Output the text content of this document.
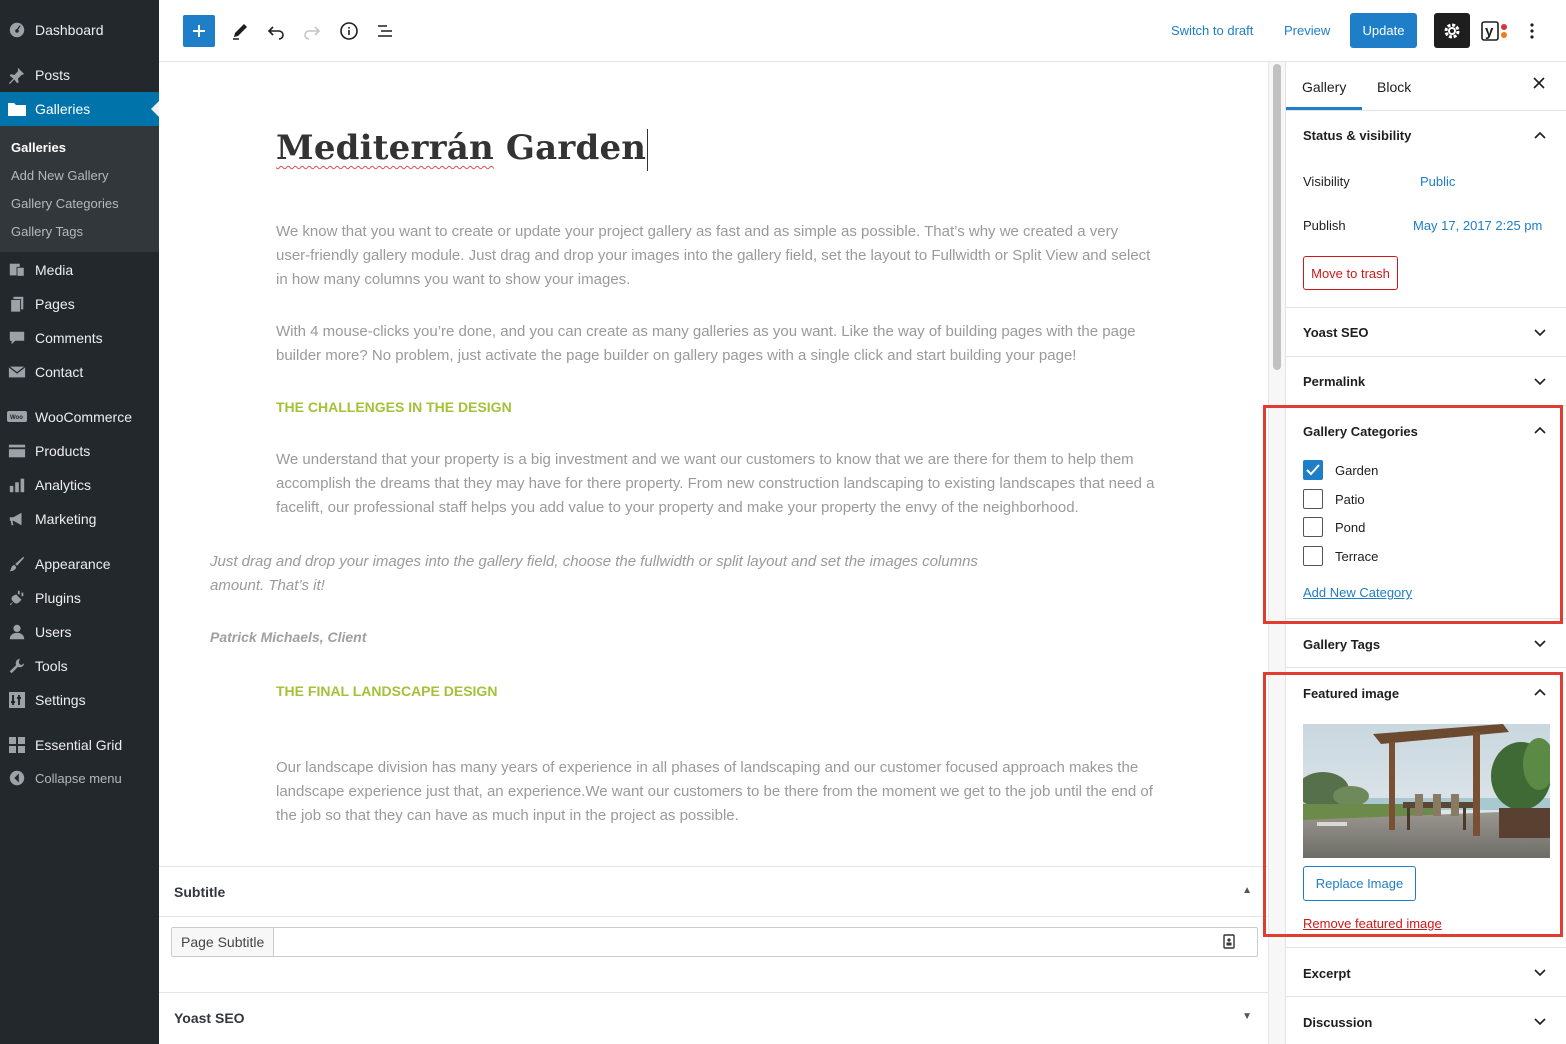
Dashboard
Posts
Galleries
Galleries
Add New Gallery
Gallery Categories
Gallery Tags
Media
Pages
Comments
Contact
Woo WooCommerce
Products
Analytics
Marketing
Appearance
Plugins
Users
Tools
Settings
Essential Grid
Collapse menu
Switch to draft Preview	Update	y
Mediterrán Garden

We know that you want to create or update your project gallery as fast and as simple as possible. That’s why we created a very user-friendly gallery module. Just drag and drop your images into the gallery field, set the layout to Fullwidth or Split View and select in how many columns you want to show your images.

With 4 mouse-clicks you’re done, and you can create as many galleries as you want. Like the way of building pages with the page builder more? No problem, just activate the page builder on gallery pages with a single click and start building your page!

THE CHALLENGES IN THE DESIGN

We understand that your property is a big investment and we want our customers to know that we are there for them to help them accomplish the dreams that they may have for there property. From new construction landscaping to existing landscapes that need a facelift, our professional staff helps you add value to your property and make your property the envy of the neighborhood.

Just drag and drop your images into the gallery field, choose the fullwidth or split layout and set the images columns amount. That’s it!

Patrick Michaels, Client

THE FINAL LANDSCAPE DESIGN

Our landscape division has many years of experience in all phases of landscaping and our customer focused approach makes the landscape experience just that, an experience.We want our customers to be there from the moment we get to the job until the end of the job so that they can have as much input in the project as possible.

Subtitle	▲
Page Subtitle
Yoast SEO	▼
Gallery Block
Status & visibility
Visibility	Public
Publish	May 17, 2017 2:25 pm
Move to trash
Yoast SEO
Permalink
Gallery Categories
Garden
Patio
Pond
Terrace
Add New Category
Gallery Tags
Featured image
Replace Image
Remove featured image
Excerpt
Discussion
